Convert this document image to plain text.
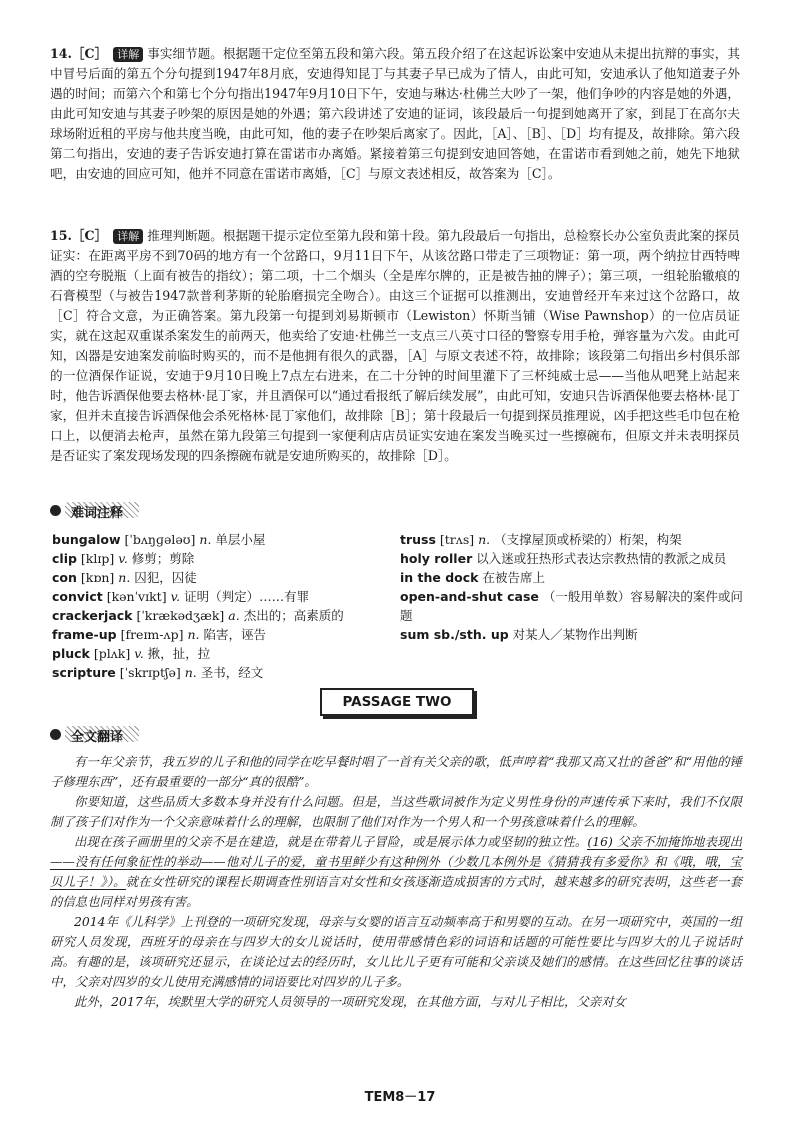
14.［C］ 详解 事实细节题。根据题干定位至第五段和第六段。第五段介绍了在这起诉讼案中安迪从未提出抗辩的事实，其中冒号后面的第五个分句提到1947年8月底，安迪得知昆丁与其妻子早已成为了情人，由此可知，安迪承认了他知道妻子外遇的时间；而第六个和第七个分句指出1947年9月10日下午，安迪与琳达·杜佛兰大吵了一架，他们争吵的内容是她的外遇，由此可知安迪与其妻子吵架的原因是她的外遇；第六段讲述了安迪的证词，该段最后一句提到她离开了家，到昆丁在高尔夫球场附近租的平房与他共度当晚，由此可知，他的妻子在吵架后离家了。因此，［A］、［B］、［D］均有提及，故排除。第六段第二句指出，安迪的妻子告诉安迪打算在雷诺市办离婚。紧接着第三句提到安迪回答她，在雷诺市看到她之前，她先下地狱吧，由安迪的回应可知，他并不同意在雷诺市离婚，［C］与原文表述相反，故答案为［C］。
15.［C］ 详解 推理判断题。根据题干提示定位至第九段和第十段。第九段最后一句指出，总检察长办公室负责此案的探员证实：在距离平房不到70码的地方有一个岔路口，9月11日下午，从该岔路口带走了三项物证：第一项，两个纳拉甘西特啤酒的空夸脱瓶（上面有被告的指纹）；第二项，十二个烟头（全是库尔牌的，正是被告抽的牌子）；第三项，一组轮胎辙痕的石膏模型（与被告1947款普利茅斯的轮胎磨损完全吻合）。由这三个证据可以推测出，安迪曾经开车来过这个岔路口，故［C］符合文意，为正确答案。第九段第一句提到刘易斯顿市（Lewiston）怀斯当铺（Wise Pawnshop）的一位店员证实，就在这起双重谋杀案发生的前两天，他卖给了安迪·杜佛兰一支点三八英寸口径的警察专用手枪，弹容量为六发。由此可知，凶器是安迪案发前临时购买的，而不是他拥有很久的武器，［A］与原文表述不符，故排除；该段第二句指出乡村俱乐部的一位酒保作证说，安迪于9月10日晚上7点左右进来，在二十分钟的时间里灌下了三杯纯威士忌——当他从吧凳上站起来时，他告诉酒保他要去格林·昆丁家，并且酒保可以“通过看报纸了解后续发展”，由此可知，安迪只告诉酒保他要去格林·昆丁家，但并未直接告诉酒保他会杀死格林·昆丁家他们，故排除［B］；第十段最后一句提到探员推理说，凶手把这些毛巾包在枪口上，以便消去枪声，虽然在第九段第三句提到一家便利店店员证实安迪在案发当晚买过一些擦碗布，但原文并未表明探员是否证实了案发现场发现的四条擦碗布就是安迪所购买的，故排除［D］。
难词注释
bungalow [ˈbʌŋɡələʊ] n. 单层小屋
clip [klɪp] v. 修剪；剪除
con [kɒn] n. 囚犯，囚徒
convict [kənˈvɪkt] v. 证明（判定）……有罪
crackerjack [ˈkrækədʒæk] a. 杰出的；高素质的
frame-up [freɪm-ʌp] n. 陷害，诬告
pluck [plʌk] v. 揪，扯，拉
scripture [ˈskrɪptʃə] n. 圣书，经文
truss [trʌs] n. （支撑屋顶或桥梁的）桁架，构架
holy roller 以入迷或狂热形式表达宗教热情的教派之成员
in the dock 在被告席上
open-and-shut case （一般用单数）容易解决的案件或问题
sum sb./sth. up 对某人／某物作出判断
PASSAGE TWO
全文翻译

有一年父亲节，我五岁的儿子和他的同学在吃早餐时唱了一首有关父亲的歌，低声哼着“我那又高又壮的爸爸”和“用他的锤子修理东西”，还有最重要的一部分“真的很酷”。

你要知道，这些品质大多数本身并没有什么问题。但是，当这些歌词被作为定义男性身份的声速传承下来时，我们不仅限制了孩子们对作为一个父亲意味着什么的理解，也限制了他们对作为一个男人和一个男孩意味着什么的理解。

出现在孩子画册里的父亲不是在建造，就是在带着儿子冒险，或是展示体力或坚韧的独立性。(16) 父亲不加掩饰地表现出——没有任何象征性的举动——他对儿子的爱，童书里鲜少有这种例外（少数几本例外是《猜猜我有多爱你》和《哦，哦，宝贝儿子！》）。就在女性研究的课程长期调查性别语言对女性和女孩逐渐造成损害的方式时，越来越多的研究表明，这些老一套的信息也同样对男孩有害。

2014年《儿科学》上刊登的一项研究发现，母亲与女婴的语言互动频率高于和男婴的互动。在另一项研究中，英国的一组研究人员发现，西班牙的母亲在与四岁大的女儿说话时，使用带感情色彩的词语和话题的可能性要比与四岁大的儿子说话时高。有趣的是，该项研究还显示，在谈论过去的经历时，女儿比儿子更有可能和父亲谈及她们的感情。在这些回忆往事的谈话中，父亲对四岁的女儿使用充满感情的词语要比对四岁的儿子多。

此外，2017年，埃默里大学的研究人员领导的一项研究发现，在其他方面，与对儿子相比，父亲对女

TEM8－17
